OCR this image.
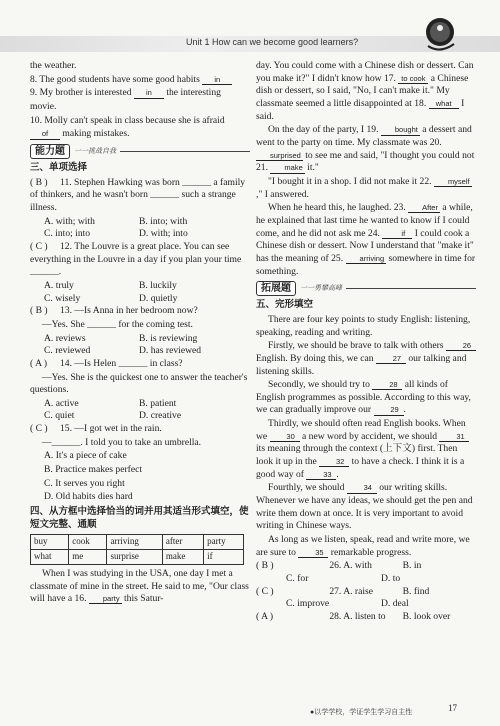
Unit 1 How can we become good learners?

the weather.

8. The good students have some good habits in

9. My brother is interested in the interesting

movie.

10. Molly can't speak in class because she is afraid

of making mistakes.

能力题	一一挑战自我
三、单项选择

( B ) 11. Stephen Hawking was born ______ a family of thinkers, and he wasn't born ______ such a strange illness.

A. with; with	B. into; with
C. into; into	D. with; into

( C ) 12. The Louvre is a great place. You can see everything in the Louvre in a day if you plan your time ______.

A. truly	B. luckily
C. wisely	D. quietly

( B ) 13. —Is Anna in her bedroom now?

—Yes. She ______ for the coming test.

A. reviews	B. is reviewing
C. reviewed	D. has reviewed

( A ) 14. —Is Helen ______ in class?

—Yes. She is the quickest one to answer the teacher's questions.

A. active	B. patient
C. quiet	D. creative

( C ) 15. —I got wet in the rain.

—______. I told you to take an umbrella.

A. It's a piece of cake

B. Practice makes perfect

C. It serves you right

D. Old habits dies hard

四、从方框中选择恰当的词并用其适当形式填空，使短文完整、通顺
buy	cook	arriving	after	party
what	me	surprise	make	if

When I was studying in the USA, one day I met a classmate of mine in the street. He said to me, "Our class will have a 16. party this Satur-

day. You could come with a Chinese dish or dessert. Can you make it?" I didn't know how 17. to cook a Chinese dish or dessert, so I said, "No, I can't make it." My classmate seemed a little disappointed at 18. what I said.

On the day of the party, I 19. bought a dessert and went to the party on time. My classmate was 20. surprised to see me and said, "I thought you could not 21. make it."

"I bought it in a shop. I did not make it 22. myself," I answered.

When he heard this, he laughed. 23. After a while, he explained that last time he wanted to know if I could come, and he did not ask me 24.	if I could cook a Chinese dish or dessert. Now I understand that "make it" has the meaning of 25. arriving somewhere in time for something.

拓展题	一一勇攀高峰
五、完形填空

There are four key points to study English: listening, speaking, reading and writing.

Firstly, we should be brave to talk with others	26 English. By doing this, we can	27 our talking and listening skills.

Secondly, we should try to	28 all kinds of English programmes as possible. According to this way, we can gradually improve our	29 .

Thirdly, we should often read English books. When we	30 a new word by accident, we should	31 its meaning through the context (上下文) first. Then look it up in the	32 to have a check. I think it is a good way of	33 .

Fourthly, we should	34 our writing skills. Whenever we have any ideas, we should get the pen and write them down at once. It is very important to avoid writing in Chinese ways.

As long as we listen, speak, read and write more, we are sure to	35 remarkable progress.

( B )	26. A. with	B. in
C. for	D. to
( C )	27. A. raise	B. find
C. improve	D. deal
( A )	28. A. listen to	B. look over
●以学学校，学证学生学习自主性	17
